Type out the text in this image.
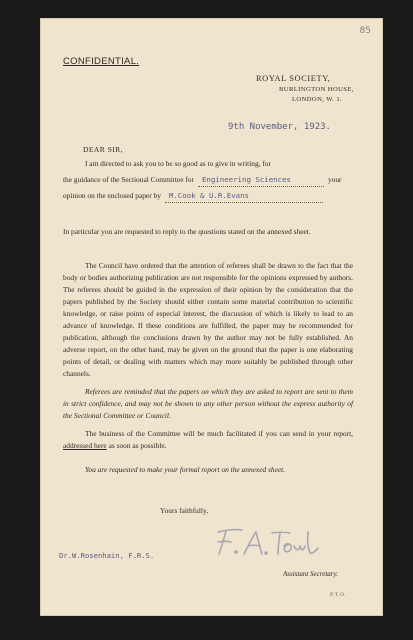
85
CONFIDENTIAL.
ROYAL SOCIETY,
BURLINGTON HOUSE,
LONDON, W. 1.
9th November, 1923.
DEAR SIR,
I am directed to ask you to be so good as to give in writing, for
the guidance of the Sectional Committee for	Engineering Sciences	your
opinion on the enclosed paper by	M.Cook & U.R.Evans
In particular you are requested to reply to the questions stated on the annexed sheet.
The Council have ordered that the attention of referees shall be drawn to the fact that the body or bodies authorizing publication are not responsible for the opinions expressed by authors. The referees should be guided in the expression of their opinion by the consideration that the papers published by the Society should either contain some material contribution to scientific knowledge, or raise points of especial interest, the discussion of which is likely to lead to an advance of knowledge. If these conditions are fulfilled, the paper may be recommended for publication, although the conclusions drawn by the author may not be fully established. An adverse report, on the other hand, may be given on the ground that the paper is one elaborating points of detail, or dealing with matters which may more suitably be published through other channels.
Referees are reminded that the papers on which they are asked to report are sent to them in strict confidence, and may not be shown to any other person without the express authority of the Sectional Committee or Council.
The business of the Committee will be much facilitated if you can send in your report, addressed here as soon as possible.
You are requested to make your formal report on the annexed sheet.
Yours faithfully,
Dr.W.Rosenhain, F.R.S.
Assistant Secretary.
P.T.O.
